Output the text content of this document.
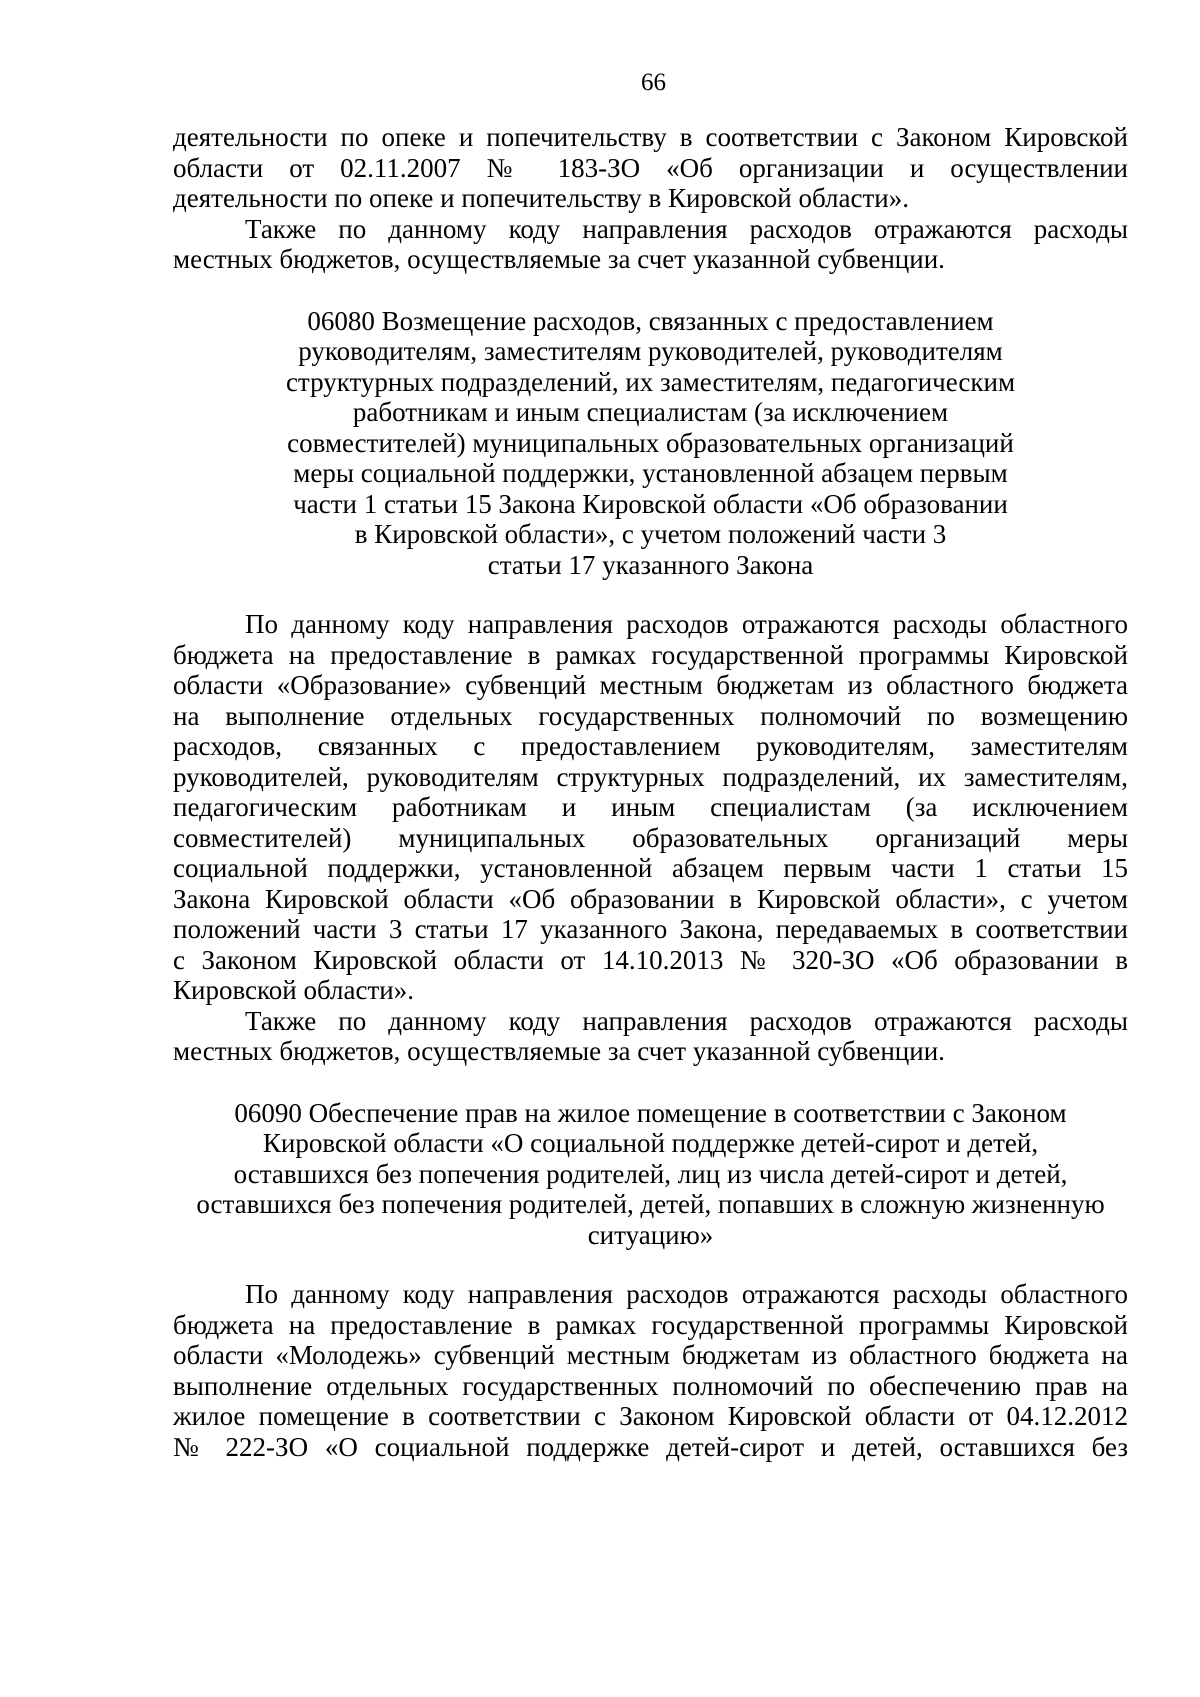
66
деятельности по опеке и попечительству в соответствии с Законом Кировской
области от 02.11.2007 № 183-ЗО «Об организации и осуществлении
деятельности по опеке и попечительству в Кировской области».
Также по данному коду направления расходов отражаются расходы
местных бюджетов, осуществляемые за счет указанной субвенции.
06080 Возмещение расходов, связанных с предоставлением
руководителям, заместителям руководителей, руководителям
структурных подразделений, их заместителям, педагогическим
работникам и иным специалистам (за исключением
совместителей) муниципальных образовательных организаций
меры социальной поддержки, установленной абзацем первым
части 1 статьи 15 Закона Кировской области «Об образовании
в Кировской области», с учетом положений части 3
статьи 17 указанного Закона
По данному коду направления расходов отражаются расходы областного
бюджета на предоставление в рамках государственной программы Кировской
области «Образование» субвенций местным бюджетам из областного бюджета
на выполнение отдельных государственных полномочий по возмещению
расходов, связанных с предоставлением руководителям, заместителям
руководителей, руководителям структурных подразделений, их заместителям,
педагогическим работникам и иным специалистам (за исключением
совместителей) муниципальных образовательных организаций меры
социальной поддержки, установленной абзацем первым части 1 статьи 15
Закона Кировской области «Об образовании в Кировской области», с учетом
положений части 3 статьи 17 указанного Закона, передаваемых в соответствии
с Законом Кировской области от 14.10.2013 № 320-ЗО «Об образовании в
Кировской области».
Также по данному коду направления расходов отражаются расходы
местных бюджетов, осуществляемые за счет указанной субвенции.
06090 Обеспечение прав на жилое помещение в соответствии с Законом
Кировской области «О социальной поддержке детей-сирот и детей,
оставшихся без попечения родителей, лиц из числа детей-сирот и детей,
оставшихся без попечения родителей, детей, попавших в сложную жизненную
ситуацию»
По данному коду направления расходов отражаются расходы областного
бюджета на предоставление в рамках государственной программы Кировской
области «Молодежь» субвенций местным бюджетам из областного бюджета на
выполнение отдельных государственных полномочий по обеспечению прав на
жилое помещение в соответствии с Законом Кировской области от 04.12.2012
№ 222-ЗО «О социальной поддержке детей-сирот и детей, оставшихся без
